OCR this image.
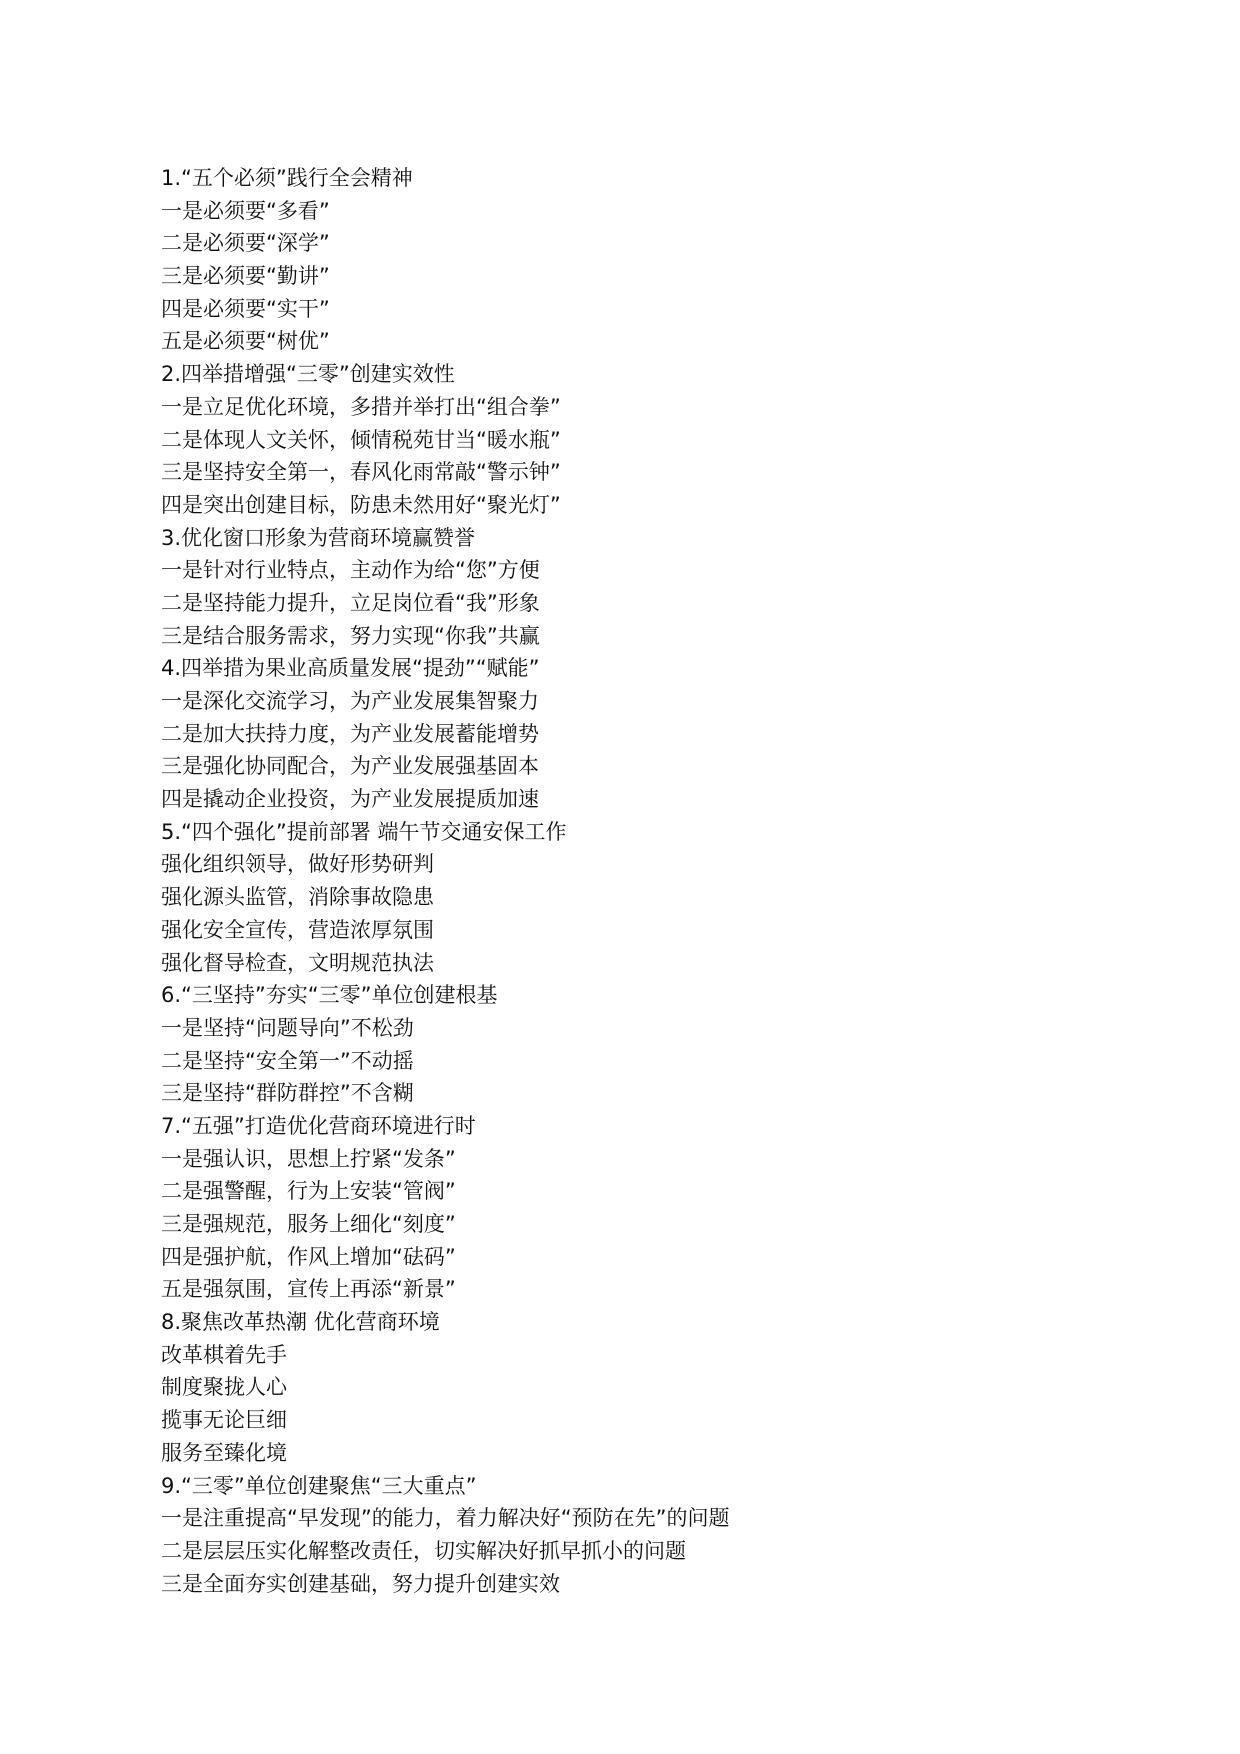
1.“五个必须”践行全会精神
一是必须要“多看”
二是必须要“深学”
三是必须要“勤讲”
四是必须要“实干”
五是必须要“树优”
2.四举措增强“三零”创建实效性
一是立足优化环境，多措并举打出“组合拳”
二是体现人文关怀，倾情税苑甘当“暖水瓶”
三是坚持安全第一，春风化雨常敲“警示钟”
四是突出创建目标，防患未然用好“聚光灯”
3.优化窗口形象为营商环境赢赞誉
一是针对行业特点，主动作为给“您”方便
二是坚持能力提升，立足岗位看“我”形象
三是结合服务需求，努力实现“你我”共赢
4.四举措为果业高质量发展“提劲”“赋能”
一是深化交流学习，为产业发展集智聚力
二是加大扶持力度，为产业发展蓄能增势
三是强化协同配合，为产业发展强基固本
四是撬动企业投资，为产业发展提质加速
5.“四个强化”提前部署 端午节交通安保工作
强化组织领导，做好形势研判
强化源头监管，消除事故隐患
强化安全宣传，营造浓厚氛围
强化督导检查，文明规范执法
6.“三坚持”夯实“三零”单位创建根基
一是坚持“问题导向”不松劲
二是坚持“安全第一”不动摇
三是坚持“群防群控”不含糊
7.“五强”打造优化营商环境进行时
一是强认识，思想上拧紧“发条”
二是强警醒，行为上安装“管阀”
三是强规范，服务上细化“刻度”
四是强护航，作风上增加“砝码”
五是强氛围，宣传上再添“新景”
8.聚焦改革热潮 优化营商环境
改革棋着先手
制度聚拢人心
揽事无论巨细
服务至臻化境
9.“三零”单位创建聚焦“三大重点”
一是注重提高“早发现”的能力，着力解决好“预防在先”的问题
二是层层压实化解整改责任，切实解决好抓早抓小的问题
三是全面夯实创建基础，努力提升创建实效
